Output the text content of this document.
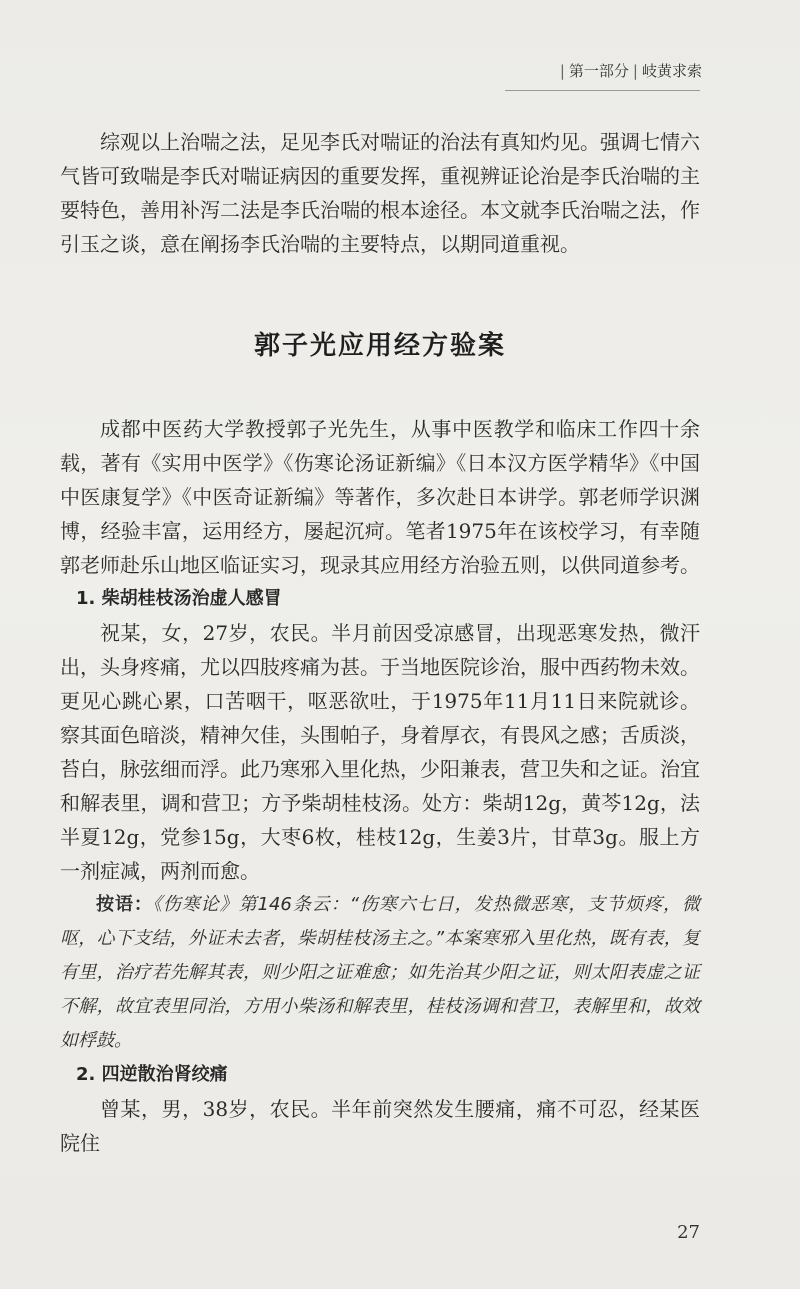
| 第一部分 | 岐黄求索

综观以上治喘之法，足见李氏对喘证的治法有真知灼见。强调七情六气皆可致喘是李氏对喘证病因的重要发挥，重视辨证论治是李氏治喘的主要特色，善用补泻二法是李氏治喘的根本途径。本文就李氏治喘之法，作引玉之谈，意在阐扬李氏治喘的主要特点，以期同道重视。

郭子光应用经方验案

成都中医药大学教授郭子光先生，从事中医教学和临床工作四十余载，著有《实用中医学》《伤寒论汤证新编》《日本汉方医学精华》《中国中医康复学》《中医奇证新编》等著作，多次赴日本讲学。郭老师学识渊博，经验丰富，运用经方，屡起沉疴。笔者1975年在该校学习，有幸随郭老师赴乐山地区临证实习，现录其应用经方治验五则，以供同道参考。

1. 柴胡桂枝汤治虚人感冒

祝某，女，27岁，农民。半月前因受凉感冒，出现恶寒发热，微汗出，头身疼痛，尤以四肢疼痛为甚。于当地医院诊治，服中西药物未效。更见心跳心累，口苦咽干，呕恶欲吐，于1975年11月11日来院就诊。察其面色暗淡，精神欠佳，头围帕子，身着厚衣，有畏风之感；舌质淡，苔白，脉弦细而浮。此乃寒邪入里化热，少阳兼表，营卫失和之证。治宜和解表里，调和营卫；方予柴胡桂枝汤。处方：柴胡12g，黄芩12g，法半夏12g，党参15g，大枣6枚，桂枝12g，生姜3片，甘草3g。服上方一剂症减，两剂而愈。

按语：《伤寒论》第146条云：“伤寒六七日，发热微恶寒，支节烦疼，微呕，心下支结，外证未去者，柴胡桂枝汤主之。”本案寒邪入里化热，既有表，复有里，治疗若先解其表，则少阳之证难愈；如先治其少阳之证，则太阳表虚之证不解，故宜表里同治，方用小柴汤和解表里，桂枝汤调和营卫，表解里和，故效如桴鼓。

2. 四逆散治肾绞痛

曾某，男，38岁，农民。半年前突然发生腰痛，痛不可忍，经某医院住

27
